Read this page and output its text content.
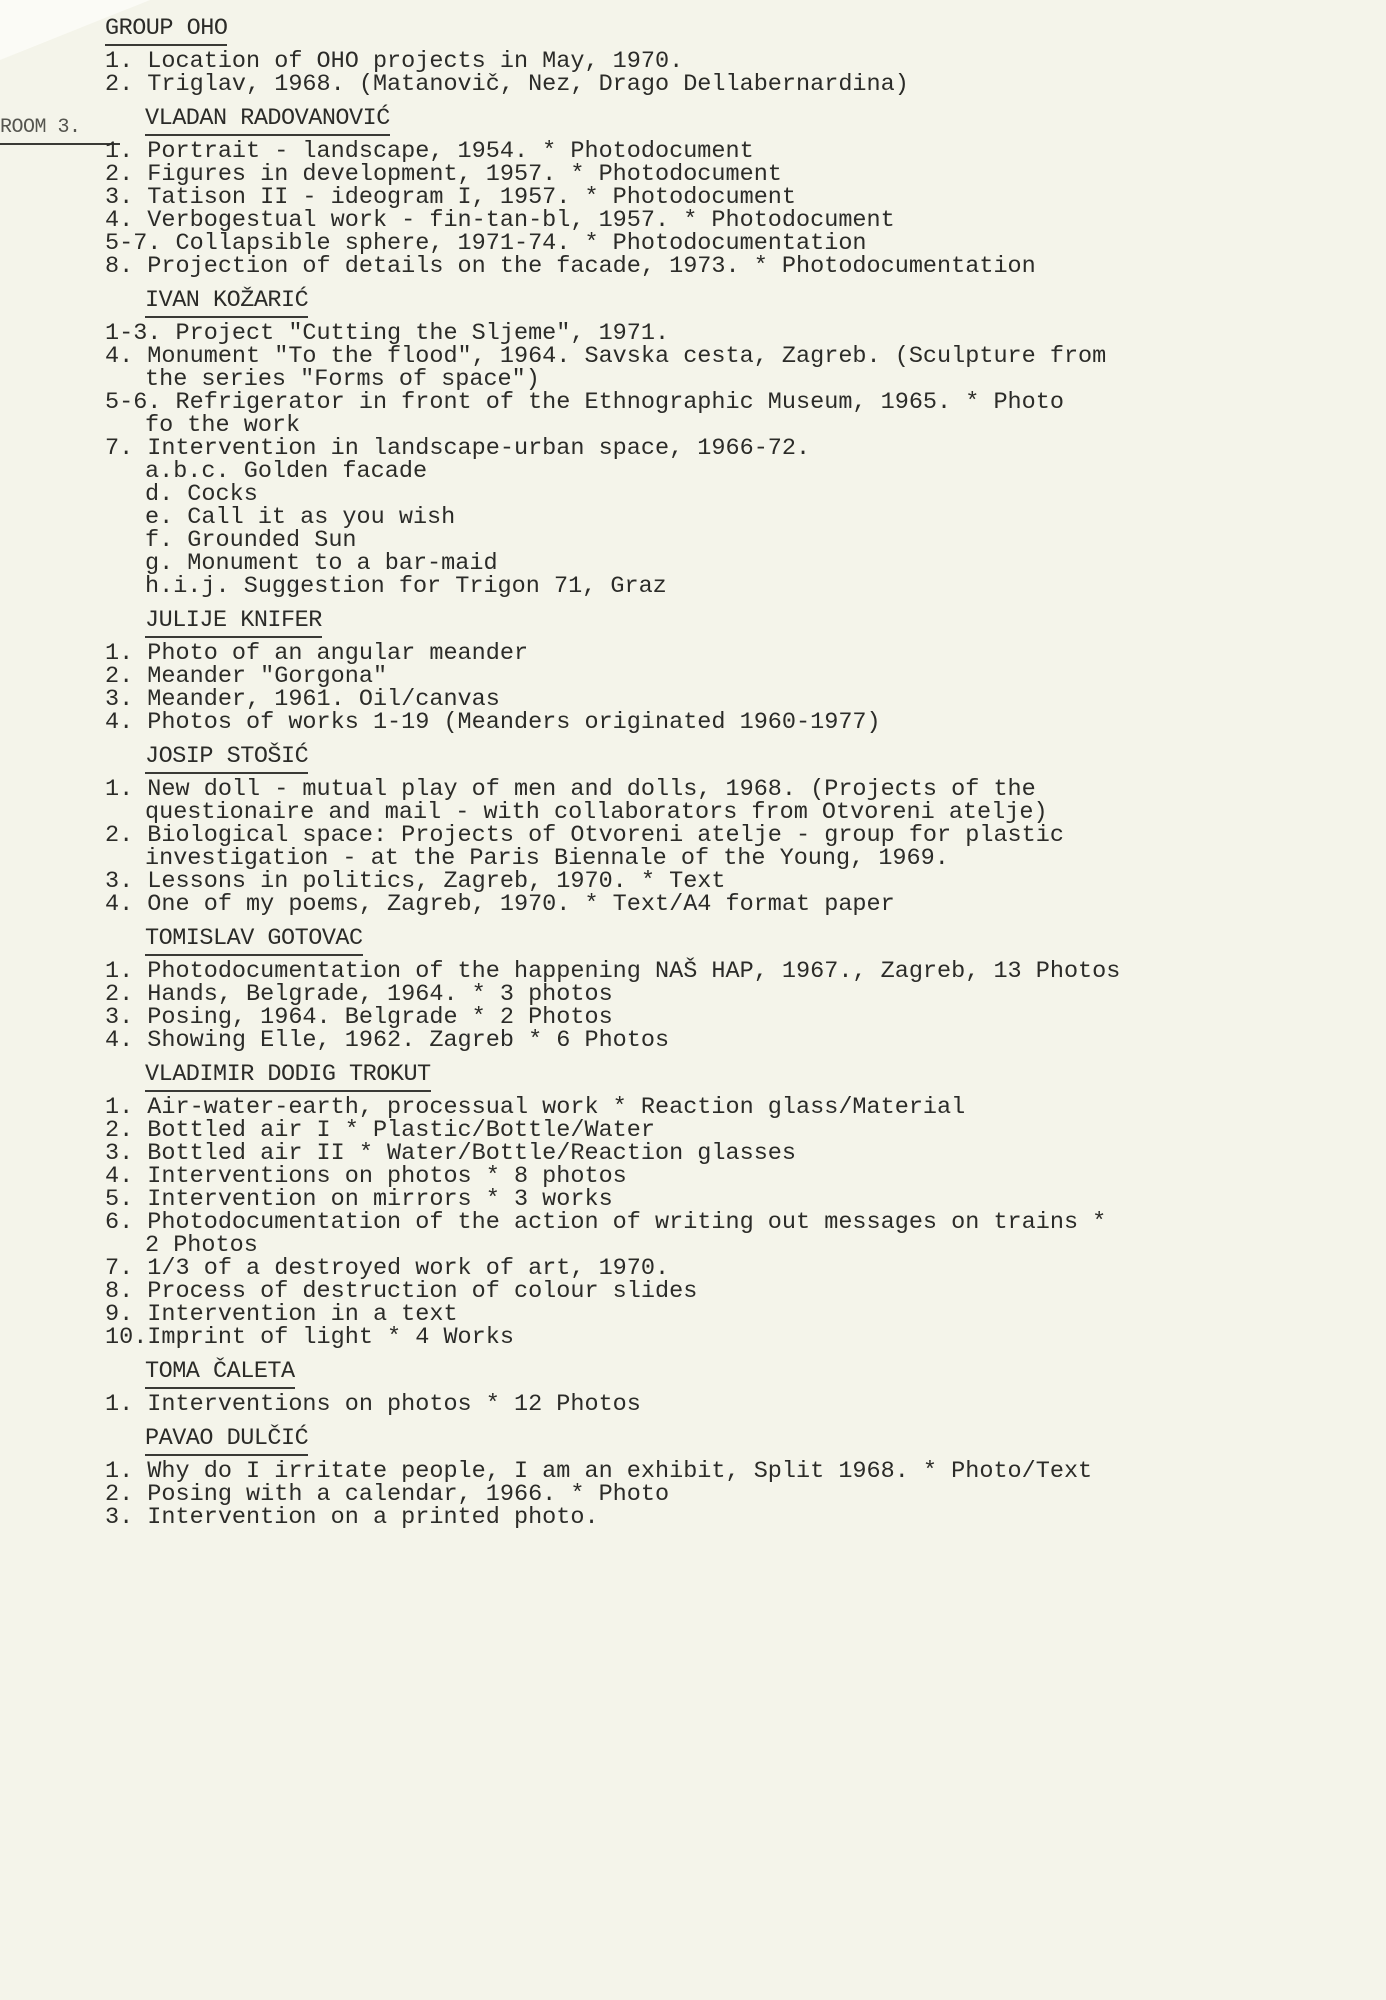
ROOM 3.
GROUP OHO
1. Location of OHO projects in May, 1970.
2. Triglav, 1968. (Matanovič, Nez, Drago Dellabernardina)
VLADAN RADOVANOVIĆ
1. Portrait - landscape, 1954. * Photodocument
2. Figures in development, 1957. * Photodocument
3. Tatison II - ideogram I, 1957. * Photodocument
4. Verbogestual work - fin-tan-bl, 1957. * Photodocument
5-7. Collapsible sphere, 1971-74. * Photodocumentation
8. Projection of details on the facade, 1973. * Photodocumentation
IVAN KOŽARIĆ
1-3. Project "Cutting the Sljeme", 1971.
4. Monument "To the flood", 1964. Savska cesta, Zagreb. (Sculpture from
the series "Forms of space")
5-6. Refrigerator in front of the Ethnographic Museum, 1965. * Photo
fo the work
7. Intervention in landscape-urban space, 1966-72.
a.b.c. Golden facade
d. Cocks
e. Call it as you wish
f. Grounded Sun
g. Monument to a bar-maid
h.i.j. Suggestion for Trigon 71, Graz
JULIJE KNIFER
1. Photo of an angular meander
2. Meander "Gorgona"
3. Meander, 1961. Oil/canvas
4. Photos of works 1-19 (Meanders originated 1960-1977)
JOSIP STOŠIĆ
1. New doll - mutual play of men and dolls, 1968. (Projects of the
questionaire and mail - with collaborators from Otvoreni atelje)
2. Biological space: Projects of Otvoreni atelje - group for plastic
investigation - at the Paris Biennale of the Young, 1969.
3. Lessons in politics, Zagreb, 1970. * Text
4. One of my poems, Zagreb, 1970. * Text/A4 format paper
TOMISLAV GOTOVAC
1. Photodocumentation of the happening NAŠ HAP, 1967., Zagreb, 13 Photos
2. Hands, Belgrade, 1964. * 3 photos
3. Posing, 1964. Belgrade * 2 Photos
4. Showing Elle, 1962. Zagreb * 6 Photos
VLADIMIR DODIG TROKUT
1. Air-water-earth, processual work * Reaction glass/Material
2. Bottled air I * Plastic/Bottle/Water
3. Bottled air II * Water/Bottle/Reaction glasses
4. Interventions on photos * 8 photos
5. Intervention on mirrors * 3 works
6. Photodocumentation of the action of writing out messages on trains *
2 Photos
7. 1/3 of a destroyed work of art, 1970.
8. Process of destruction of colour slides
9. Intervention in a text
10.Imprint of light * 4 Works
TOMA ČALETA
1. Interventions on photos * 12 Photos
PAVAO DULČIĆ
1. Why do I irritate people, I am an exhibit, Split 1968. * Photo/Text
2. Posing with a calendar, 1966. * Photo
3. Intervention on a printed photo.
